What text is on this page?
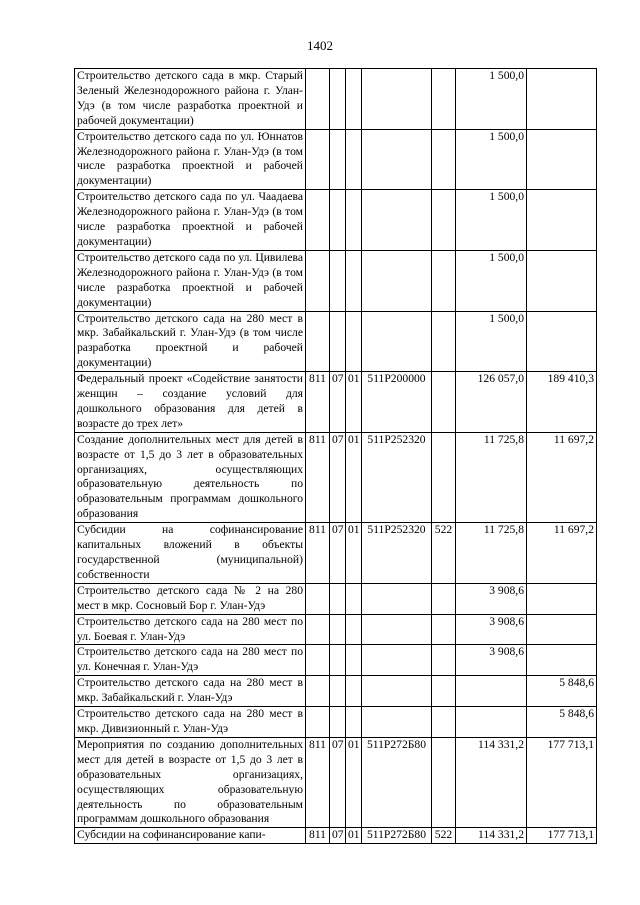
1402
Строительство детского сада в мкр. Старый Зеленый Железнодорожного района г. Улан-Удэ (в том числе разработка проектной и рабочей документации)						1 500,0	
Строительство детского сада по ул. Юннатов Железнодорожного района г. Улан-Удэ (в том числе разработка проектной и рабочей документации)						1 500,0	
Строительство детского сада по ул. Чаадаева Железнодорожного района г. Улан-Удэ (в том числе разработка проектной и рабочей документации)						1 500,0	
Строительство детского сада по ул. Цивилева Железнодорожного района г. Улан-Удэ (в том числе разработка проектной и рабочей документации)						1 500,0	
Строительство детского сада на 280 мест в мкр. Забайкальский г. Улан-Удэ (в том числе разработка проектной и рабочей документации)						1 500,0	
Федеральный проект «Содействие занятости женщин – создание условий для дошкольного образования для детей в возрасте до трех лет»	811	07	01	511P200000		126 057,0	189 410,3
Создание дополнительных мест для детей в возрасте от 1,5 до 3 лет в образовательных организациях, осуществляющих образовательную деятельность по образовательным программам дошкольного образования	811	07	01	511P252320		11 725,8	11 697,2
Субсидии на софинансирование капитальных вложений в объекты государственной (муниципальной) собственности	811	07	01	511P252320	522	11 725,8	11 697,2
Строительство детского сада № 2 на 280 мест в мкр. Сосновый Бор г. Улан-Удэ						3 908,6	
Строительство детского сада на 280 мест по ул. Боевая г. Улан-Удэ						3 908,6	
Строительство детского сада на 280 мест по ул. Конечная г. Улан-Удэ						3 908,6	
Строительство детского сада на 280 мест в мкр. Забайкальский г. Улан-Удэ							5 848,6
Строительство детского сада на 280 мест в мкр. Дивизионный г. Улан-Удэ							5 848,6
Мероприятия по созданию дополнительных мест для детей в возрасте от 1,5 до 3 лет в образовательных организациях, осуществляющих образовательную деятельность по образовательным программам дошкольного образования	811	07	01	511P272Б80		114 331,2	177 713,1
Субсидии на софинансирование капи-	811	07	01	511P272Б80	522	114 331,2	177 713,1
